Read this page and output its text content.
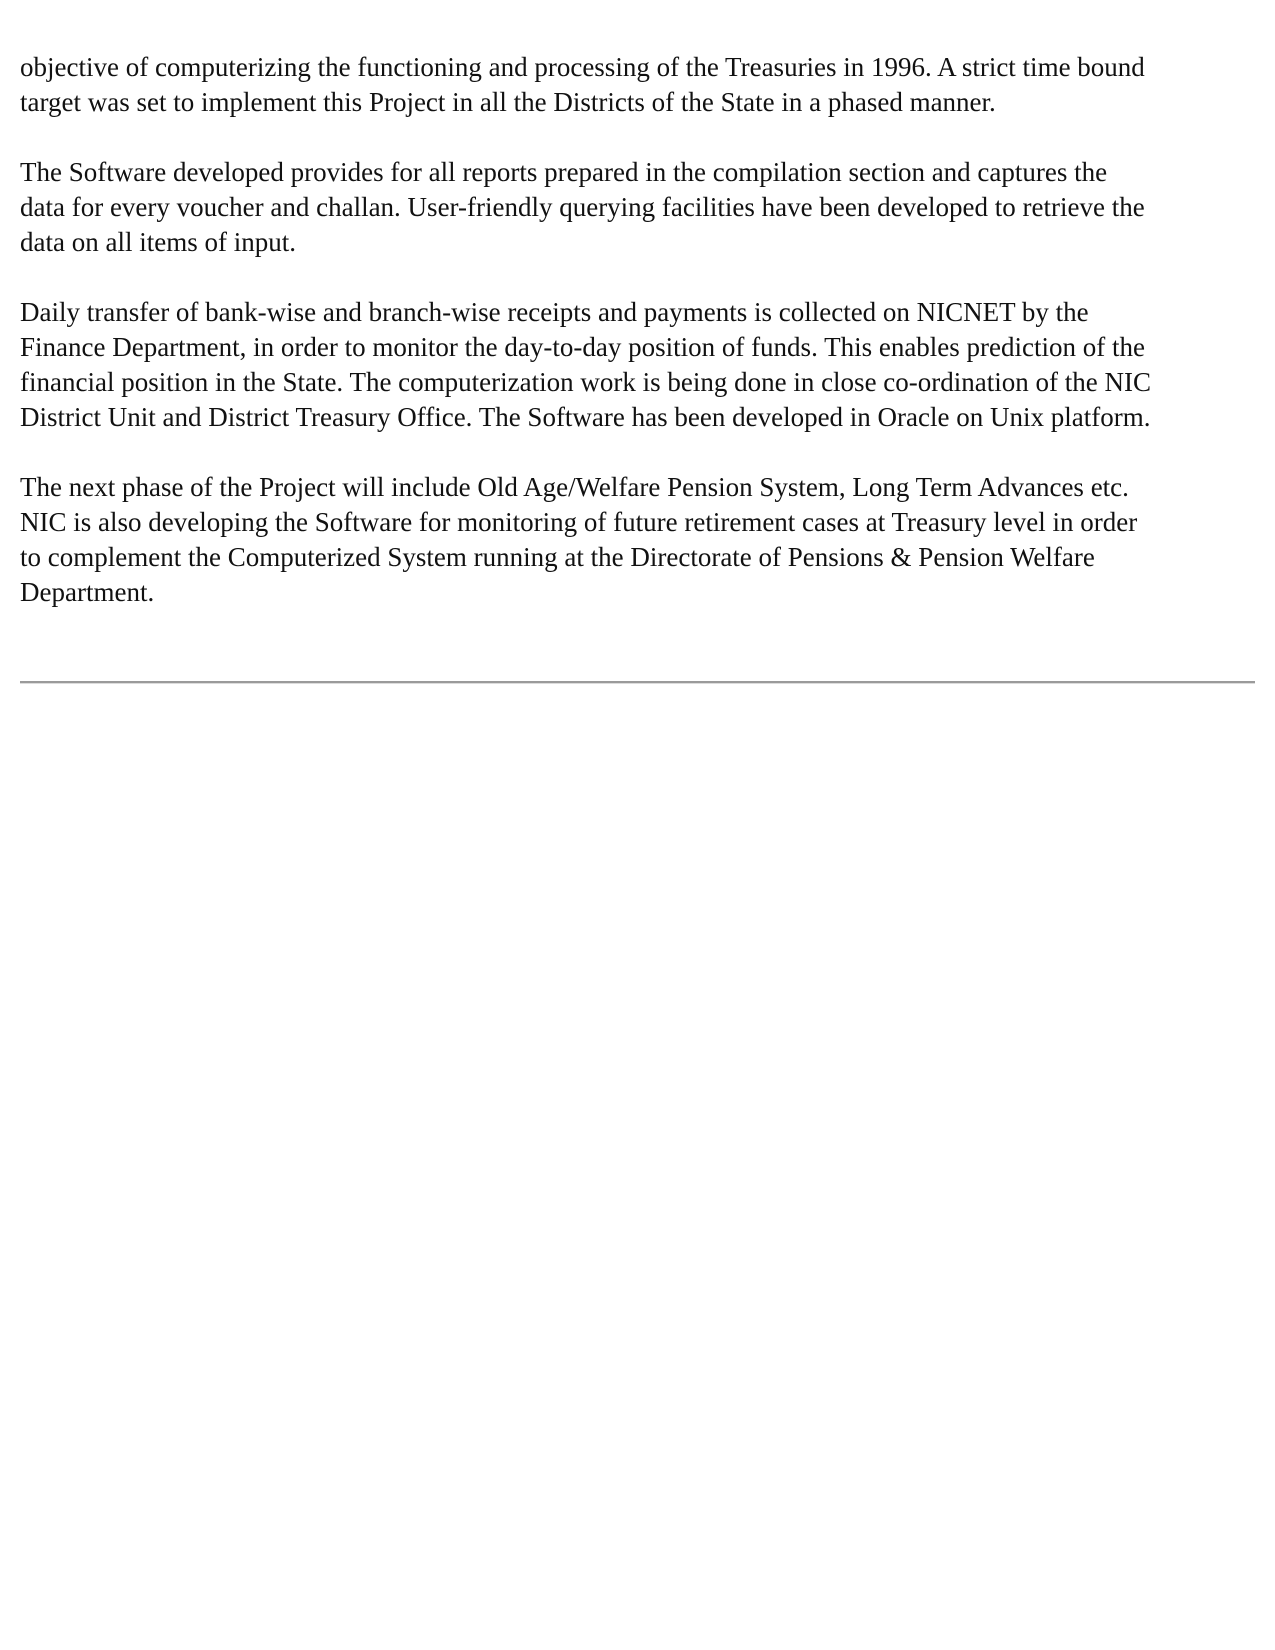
objective of computerizing the functioning and processing of the Treasuries in 1996. A strict time bound
target was set to implement this Project in all the Districts of the State in a phased manner.

The Software developed provides for all reports prepared in the compilation section and captures the
data for every voucher and challan. User-friendly querying facilities have been developed to retrieve the
data on all items of input.

Daily transfer of bank-wise and branch-wise receipts and payments is collected on NICNET by the
Finance Department, in order to monitor the day-to-day position of funds. This enables prediction of the
financial position in the State. The computerization work is being done in close co-ordination of the NIC
District Unit and District Treasury Office. The Software has been developed in Oracle on Unix platform.

The next phase of the Project will include Old Age/Welfare Pension System, Long Term Advances etc.
NIC is also developing the Software for monitoring of future retirement cases at Treasury level in order
to complement the Computerized System running at the Directorate of Pensions & Pension Welfare
Department.
